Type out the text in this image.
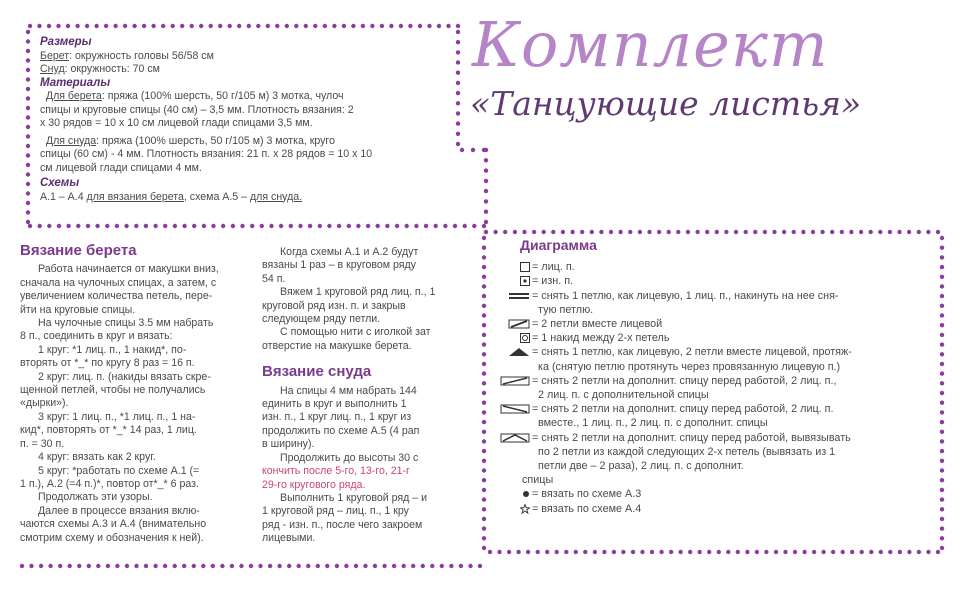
Размеры
Берет: окружность головы 56/58 см
Снуд: окружность: 70 см
Материалы
Для берета: пряжа (100% шерсть, 50 г/105 м) 3 мотка, чулоч
спицы и круговые спицы (40 см) – 3,5 мм. Плотность вязания: 2
x 30 рядов = 10 x 10 см лицевой глади спицами 3,5 мм.
Для снуда: пряжа (100% шерсть, 50 г/105 м) 3 мотка, круго
спицы (60 см) - 4 мм. Плотность вязания: 21 п. x 28 рядов = 10 x 10
см лицевой глади спицами 4 мм.
Схемы
А.1 – А.4 для вязания берета, схема А.5 – для снуда.
Комплект
«Танцующие листья»
Вязание берета

Работа начинается от макушки вниз,

сначала на чулочных спицах, а затем, с

увеличением количества петель, пере-

йти на круговые спицы.

На чулочные спицы 3.5 мм набрать

8 п., соединить в круг и вязать:

1 круг: *1 лиц. п., 1 накид*, по-

вторять от *_* по кругу 8 раз = 16 п.

2 круг: лиц. п. (накиды вязать скре-

щенной петлей, чтобы не получались

«дырки»).

3 круг: 1 лиц. п., *1 лиц. п., 1 на-

кид*, повторять от *_* 14 раз, 1 лиц.

п. = 30 п.

4 круг: вязать как 2 круг.

5 круг: *работать по схеме А.1 (=

1 п.), А.2 (=4 п.)*, повтор от*_* 6 раз.

Продолжать эти узоры.

Далее в процессе вязания вклю-

чаются схемы А.3 и А.4 (внимательно

смотрим схему и обозначения к ней).

Когда схемы А.1 и А.2 будут

вязаны 1 раз – в круговом ряду

54 п.

Вяжем 1 круговой ряд лиц. п., 1

круговой ряд изн. п. и закрыв

следующем ряду петли.

С помощью нити с иголкой зат

отверстие на макушке берета.

Вязание снуда

На спицы 4 мм набрать 144

единить в круг и выполнить 1

изн. п., 1 круг лиц. п., 1 круг из

продолжить по схеме А.5 (4 рап

в ширину).

Продолжить до высоты 30 с

кончить после 5-го, 13-го, 21-г

29-го кругового ряда.

Выполнить 1 круговой ряд – и

1 круговой ряд – лиц. п., 1 кру

ряд - изн. п., после чего закроем

лицевыми.

Диаграмма
= лиц. п.
= изн. п.
= снять 1 петлю, как лицевую, 1 лиц. п., накинуть на нее сня-
тую петлю.
= 2 петли вместе лицевой
= 1 накид между 2-х петель
= снять 1 петлю, как лицевую, 2 петли вместе лицевой, протяж-
ка (снятую петлю протянуть через провязанную лицевую п.)
= снять 2 петли на дополнит. спицу перед работой, 2 лиц. п.,
2 лиц. п. с дополнительной спицы
= снять 2 петли на дополнит. спицу перед работой, 2 лиц. п.
вместе., 1 лиц. п., 2 лиц. п. с дополнит. спицы
= снять 2 петли на дополнит. спицу перед работой, вывязывать
по 2 петли из каждой следующих 2-х петель (вывязать из 1
петли две – 2 раза), 2 лиц. п. с дополнит.
спицы
= вязать по схеме А.3
= вязать по схеме А.4
